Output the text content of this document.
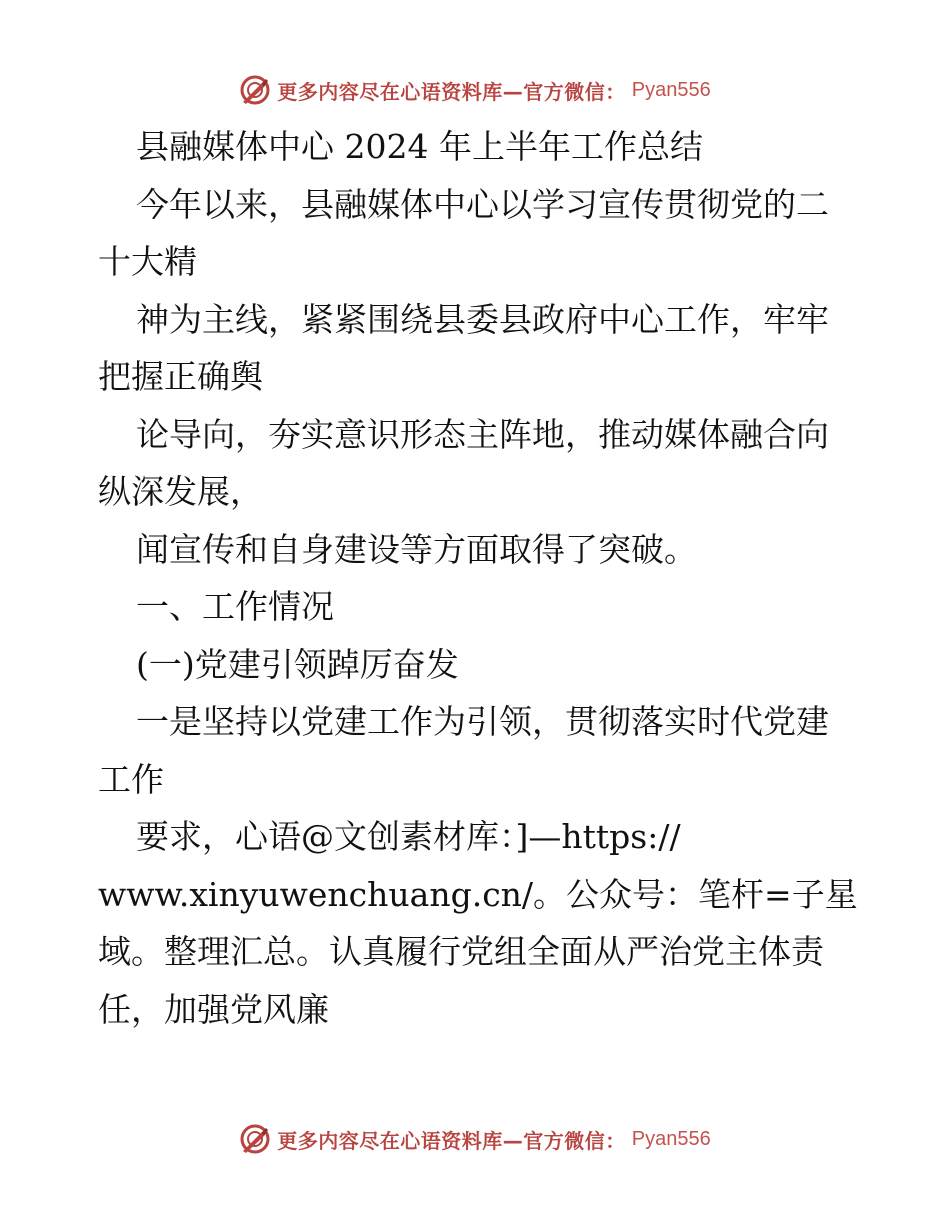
更多内容尽在心语资料库—官方微信： Pyan556
县融媒体中心 2024 年上半年工作总结
今年以来，县融媒体中心以学习宣传贯彻党的二
十大精
神为主线，紧紧围绕县委县政府中心工作，牢牢
把握正确舆
论导向，夯实意识形态主阵地，推动媒体融合向
纵深发展，
闻宣传和自身建设等方面取得了突破。
一、工作情况
(一)党建引领踔厉奋发
一是坚持以党建工作为引领，贯彻落实时代党建
工作
要求，心语@文创素材库：]—https://
www.xinyuwenchuang.cn/。公众号：笔杆=子星
域。整理汇总。认真履行党组全面从严治党主体责
任，加强党风廉
更多内容尽在心语资料库—官方微信： Pyan556
